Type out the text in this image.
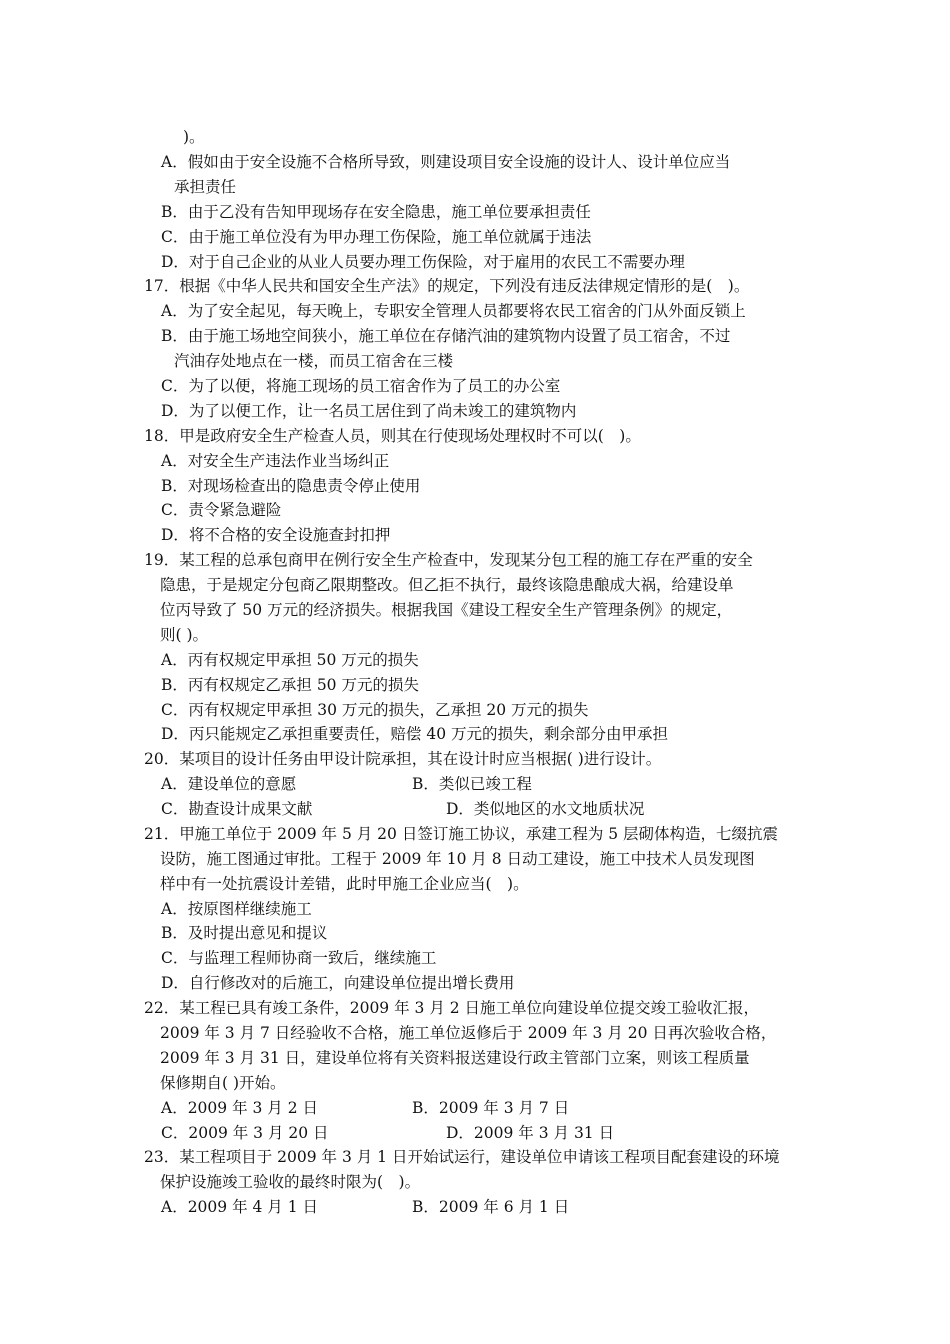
)。
A．假如由于安全设施不合格所导致，则建设项目安全设施的设计人、设计单位应当
承担责任
B．由于乙没有告知甲现场存在安全隐患，施工单位要承担责任
C．由于施工单位没有为甲办理工伤保险，施工单位就属于违法
D．对于自己企业的从业人员要办理工伤保险，对于雇用的农民工不需要办理
17．根据《中华人民共和国安全生产法》的规定，下列没有违反法律规定情形的是(　)。
A．为了安全起见，每天晚上，专职安全管理人员都要将农民工宿舍的门从外面反锁上
B．由于施工场地空间狭小，施工单位在存储汽油的建筑物内设置了员工宿舍，不过
汽油存处地点在一楼，而员工宿舍在三楼
C．为了以便，将施工现场的员工宿舍作为了员工的办公室
D．为了以便工作，让一名员工居住到了尚未竣工的建筑物内
18．甲是政府安全生产检查人员，则其在行使现场处理权时不可以(　)。
A．对安全生产违法作业当场纠正
B．对现场检查出的隐患责令停止使用
C．责令紧急避险
D．将不合格的安全设施查封扣押
19．某工程的总承包商甲在例行安全生产检查中，发现某分包工程的施工存在严重的安全
隐患，于是规定分包商乙限期整改。但乙拒不执行，最终该隐患酿成大祸，给建设单
位丙导致了 50 万元的经济损失。根据我国《建设工程安全生产管理条例》的规定，
则( )。
A．丙有权规定甲承担 50 万元的损失
B．丙有权规定乙承担 50 万元的损失
C．丙有权规定甲承担 30 万元的损失，乙承担 20 万元的损失
D．丙只能规定乙承担重要责任，赔偿 40 万元的损失，剩余部分由甲承担
20．某项目的设计任务由甲设计院承担，其在设计时应当根据( )进行设计。
A．建设单位的意愿	B．类似已竣工程
C．勘查设计成果文献	D．类似地区的水文地质状况
21．甲施工单位于 2009 年 5 月 20 日签订施工协议，承建工程为 5 层砌体构造，七缀抗震
设防，施工图通过审批。工程于 2009 年 10 月 8 日动工建设，施工中技术人员发现图
样中有一处抗震设计差错，此时甲施工企业应当(　)。
A．按原图样继续施工
B．及时提出意见和提议
C．与监理工程师协商一致后，继续施工
D．自行修改对的后施工，向建设单位提出增长费用
22．某工程已具有竣工条件，2009 年 3 月 2 日施工单位向建设单位提交竣工验收汇报，
2009 年 3 月 7 日经验收不合格，施工单位返修后于 2009 年 3 月 20 日再次验收合格，
2009 年 3 月 31 日，建设单位将有关资料报送建设行政主管部门立案，则该工程质量
保修期自( )开始。
A．2009 年 3 月 2 日	B．2009 年 3 月 7 日
C．2009 年 3 月 20 日	D．2009 年 3 月 31 日
23．某工程项目于 2009 年 3 月 1 日开始试运行，建设单位申请该工程项目配套建设的环境
保护设施竣工验收的最终时限为(　)。
A．2009 年 4 月 1 日	B．2009 年 6 月 1 日
